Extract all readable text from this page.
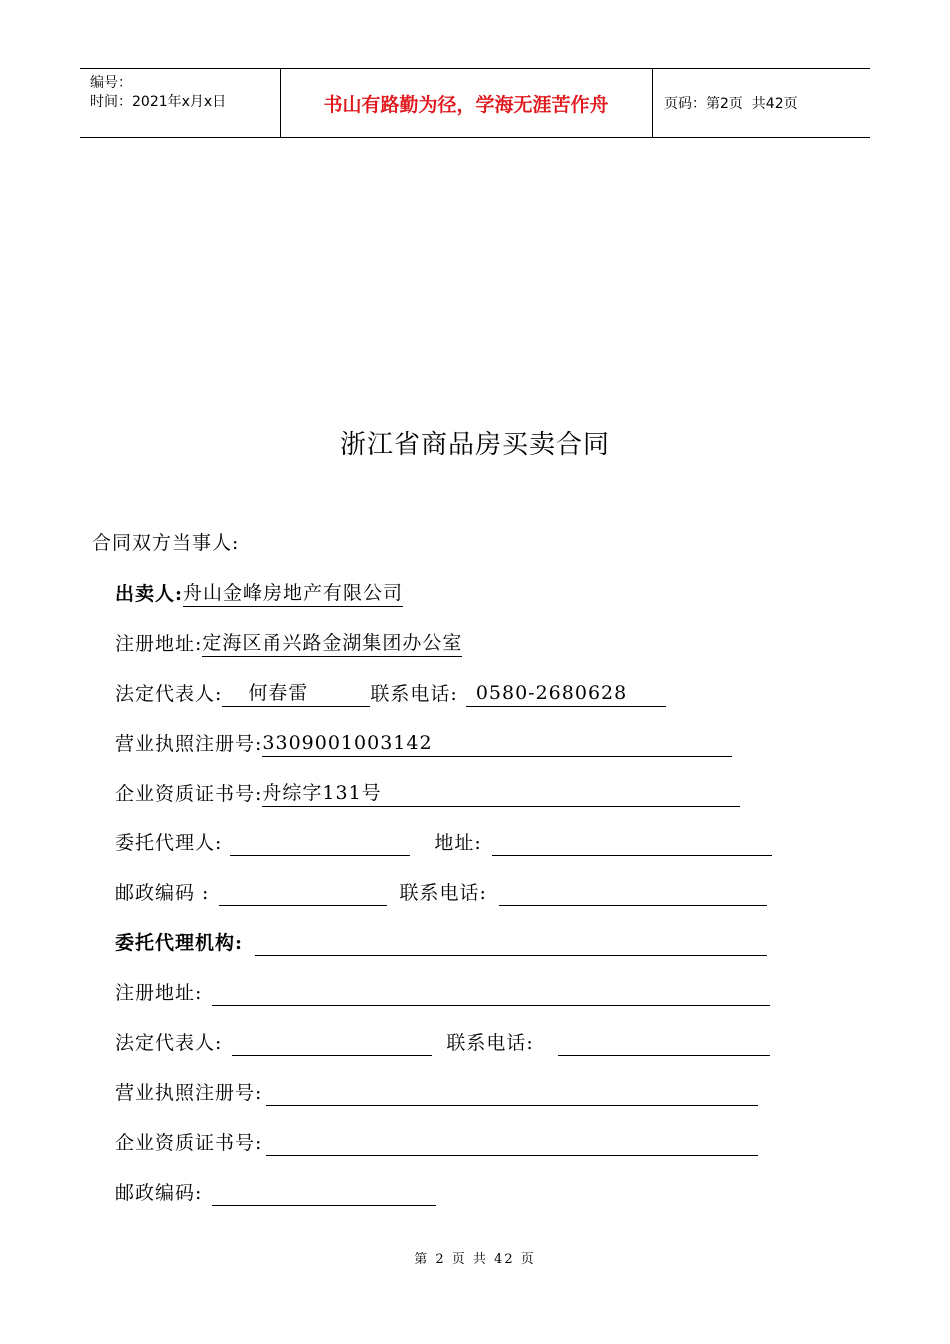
编号：
时间：2021年x月x日	书山有路勤为径，学海无涯苦作舟	页码：第2页  共42页
浙江省商品房买卖合同
合同双方当事人:
出卖人:舟山金峰房地产有限公司
注册地址:定海区甬兴路金湖集团办公室
法定代表人: 何春雷	联系电话: 0580-2680628
营业执照注册号:3309001003142
企业资质证书号:舟综字131号
委托代理人:	地址:
邮政编码 :	联系电话:
委托代理机构:
注册地址:
法定代表人:	联系电话:
营业执照注册号:
企业资质证书号:
邮政编码:
第 2 页 共 42 页
